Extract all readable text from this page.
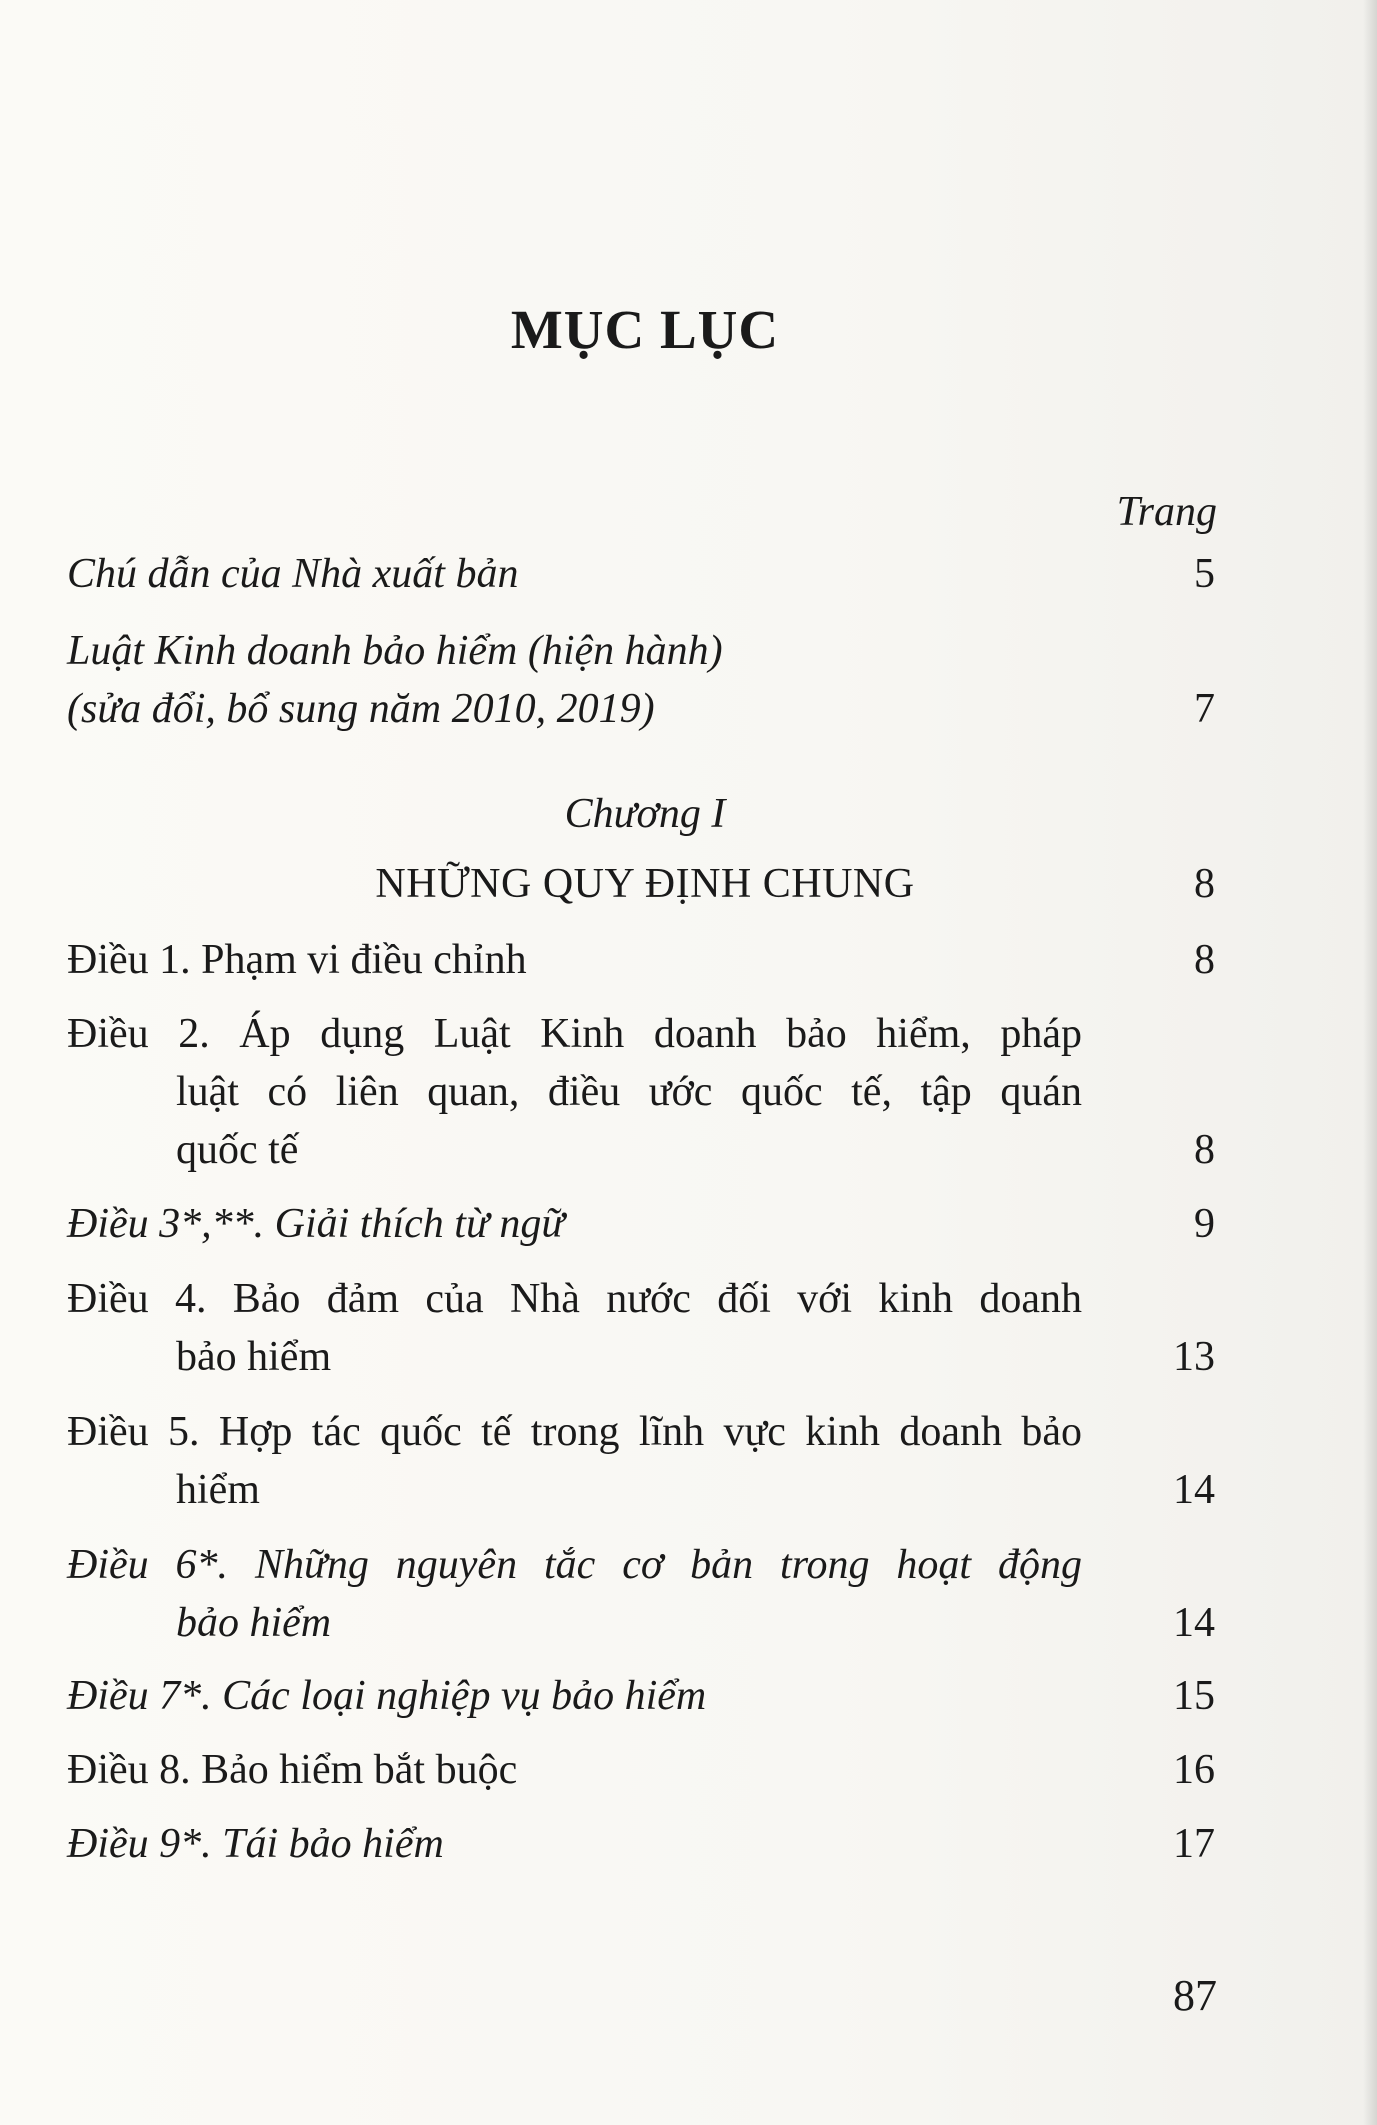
MỤC LỤC
Trang
Chú dẫn của Nhà xuất bản	5
Luật Kinh doanh bảo hiểm (hiện hành)
(sửa đổi, bổ sung năm 2010, 2019)	7
Chương I
NHỮNG QUY ĐỊNH CHUNG	8
Điều 1. Phạm vi điều chỉnh	8
Điều 2. Áp dụng Luật Kinh doanh bảo hiểm, pháp
luật có liên quan, điều ước quốc tế, tập quán
quốc tế	8
Điều 3*,**. Giải thích từ ngữ	9
Điều 4. Bảo đảm của Nhà nước đối với kinh doanh
bảo hiểm	13
Điều 5. Hợp tác quốc tế trong lĩnh vực kinh doanh bảo
hiểm	14
Điều 6*. Những nguyên tắc cơ bản trong hoạt động
bảo hiểm	14
Điều 7*. Các loại nghiệp vụ bảo hiểm	15
Điều 8. Bảo hiểm bắt buộc	16
Điều 9*. Tái bảo hiểm	17
87
